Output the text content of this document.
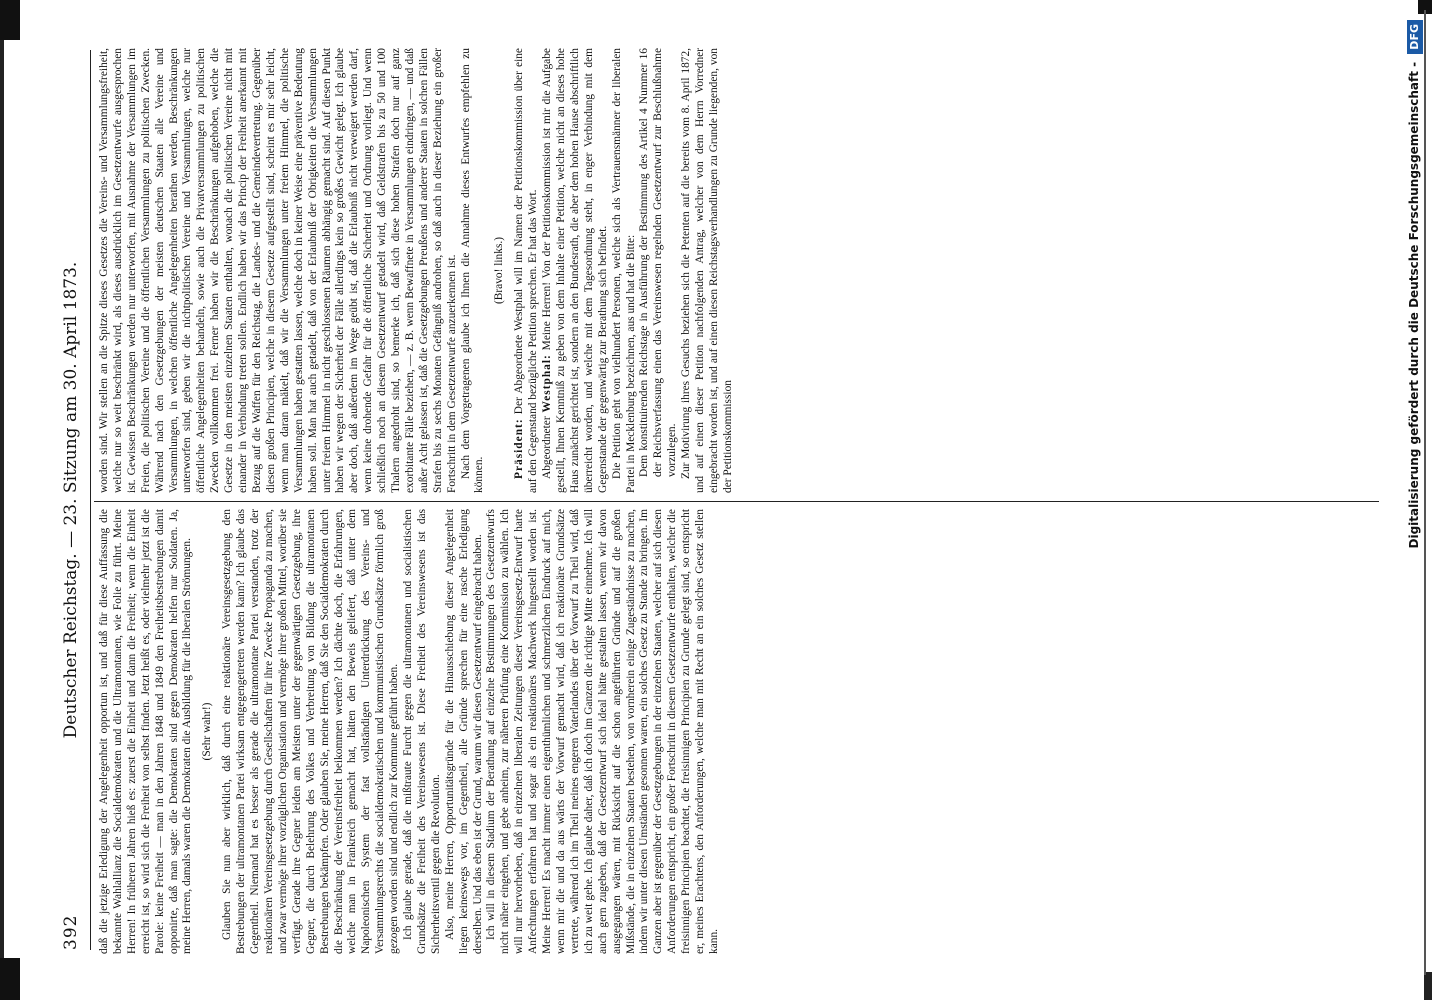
392
Deutscher Reichstag. — 23. Sitzung am 30. April 1873.	daß die jetzige Erledigung der Angelegenheit opportun ist, und daß für diese Auffassung die bekannte Wahlallianz die Socialdemokraten und die Ultramontanen, wie Folie zu führt. Meine Herren! In früheren Jahren hieß es: zuerst die Einheit und dann die Freiheit; wenn die Einheit erreicht ist, so wird sich die Freiheit von selbst finden. Jetzt heißt es, oder vielmehr jetzt ist die Parole: keine Freiheit — man in den Jahren 1848 und 1849 den Freiheitsbestrebungen damit opponirte, daß man sagte: die Demokraten sind gegen Demokraten helfen nur Soldaten. Ja, meine Herren, damals waren die Demokraten die Ausbildung für die liberalen Strömungen. (Sehr wahr!) Glauben Sie nun aber wirklich, daß durch eine reaktionäre Vereinsgesetzgebung den Bestrebungen der ultramontanen Partei wirksam entgegengetreten werden kann? Ich glaube das Gegentheil. Niemand hat es besser als gerade die ultramontane Partei verstanden, trotz der reaktionären Vereinsgesetzgebung durch Gesellschaften für ihre Zwecke Propaganda zu machen, und zwar vermöge ihrer vorzüglichen Organisation und vermöge ihrer großen Mittel, worüber sie verfügt. Gerade ihre Gegner leiden am Meisten unter der gegenwärtigen Gesetzgebung, ihre Gegner, die durch Belehrung des Volkes und Verbreitung von Bildung die ultramontanen Bestrebungen bekämpfen. Oder glauben Sie, meine Herren, daß Sie den Socialdemokraten durch die Beschränkung der Vereinsfreiheit beikommen werden? Ich dächte doch, die Erfahrungen, welche man in Frankreich gemacht hat, hätten den Beweis geliefert, daß unter dem Napoleonischen System der fast vollständigen Unterdrückung des Vereins- und Versammlungsrechts die socialdemokratischen und kommunistischen Grundsätze förmlich groß gezogen worden sind und endlich zur Kommune geführt haben. Ich glaube gerade, daß die mißtraute Furcht gegen die ultramontanen und socialistischen Grundsätze die Freiheit des Vereinswesens ist. Diese Freiheit des Vereinswesens ist das Sicherheitsventil gegen die Revolution. Also, meine Herren, Opportunitätsgründe für die Hinausschiebung dieser Angelegenheit liegen keineswegs vor, im Gegentheil, alle Gründe sprechen für eine rasche Erledigung derselben. Und das eben ist der Grund, warum wir diesen Gesetzentwurf eingebracht haben. Ich will in diesem Stadium der Berathung auf einzelne Bestimmungen des Gesetzentwurfs nicht näher eingehen, und gebe anheim, zur näheren Prüfung eine Kommission zu wählen. Ich will nur hervorheben, daß in einzelnen liberalen Zeitungen dieser Vereinsgesetz-Entwurf harte Anfechtungen erfahren hat und sogar als ein reaktionäres Machwerk hingestellt worden ist. Meine Herren! Es macht immer einen eigenthümlichen und schmerzlichen Eindruck auf mich, wenn mir die und da aus wärts der Vorwurf gemacht wird, daß ich reaktionäre Grundsätze vertrete, während ich im Theil meines engeren Vaterlandes über der Vorwurf zu Theil wird, daß ich zu weit gehe. Ich glaube daher, daß ich doch im Ganzen die richtige Mitte einnehme. Ich will auch gern zugeben, daß der Gesetzentwurf sich ideal hätte gestalten lassen, wenn wir davon ausgegangen wären, mit Rücksicht auf die schon angeführten Gründe und auf die großen Mißstände, die in einzelnen Staaten bestehen, von vornherein einige Zugeständnisse zu machen, indem wir unter diesen Umständen gesonnen waren, ein solches Gesetz zu Stande zu bringen. Im Ganzen aber ist gegenüber der Gesetzgebungen in der einzelnen Staaten, welcher auf sich diesen Anforderungen entspricht, ein großer Fortschritt in diesem Gesetzentwurfe enthalten, welcher die freisinnigen Principien beachtet, die freisinnigen Principien zu Grunde gelegt sind, so entspricht er, meines Erachtens, den Anforderungen, welche man mit Recht an ein solches Gesetz stellen kann.

worden sind. Wir stellen an die Spitze dieses Gesetzes die Vereins- und Versammlungsfreiheit, welche nur so weit beschränkt wird, als dieses ausdrücklich im Gesetzentwurfe ausgesprochen ist. Gewissen Beschränkungen werden nur unterworfen, mit Ausnahme der Versammlungen im Freien, die politischen Vereine und die öffentlichen Versammlungen zu politischen Zwecken. Während nach den Gesetzgebungen der meisten deutschen Staaten alle Vereine und Versammlungen, in welchen öffentliche Angelegenheiten berathen werden, Beschränkungen unterworfen sind, geben wir die nichtpolitischen Vereine und Versammlungen, welche nur öffentliche Angelegenheiten behandeln, sowie auch die Privatversammlungen zu politischen Zwecken vollkommen frei. Ferner haben wir die Beschränkungen aufgehoben, welche die Gesetze in den meisten einzelnen Staaten enthalten, wonach die politischen Vereine nicht mit einander in Verbindung treten sollen. Endlich haben wir das Princip der Freiheit anerkannt mit Bezug auf die Waffen für den Reichstag, die Landes- und die Gemeindevertretung. Gegenüber diesen großen Principien, welche in diesem Gesetze aufgestellt sind, scheint es mir sehr leicht, wenn man daran mäkelt, daß wir die Versammlungen unter freiem Himmel, die politische Versammlungen haben gestatten lassen, welche doch in keiner Weise eine präventive Bedeutung haben soll. Man hat auch getadelt, daß von der Erlaubniß der Obrigkeiten die Versammlungen unter freiem Himmel in nicht geschlossenen Räumen abhängig gemacht sind. Auf diesen Punkt haben wir wegen der Sicherheit der Fälle allerdings kein so großes Gewicht gelegt. Ich glaube aber doch, daß außerdem im Wege geübt ist, daß die Erlaubniß nicht verweigert werden darf, wenn keine drohende Gefahr für die öffentliche Sicherheit und Ordnung vorliegt. Und wenn schließlich noch an diesem Gesetzentwurf getadelt wird, daß Geldstrafen bis zu 50 und 100 Thalern angedroht sind, so bemerke ich, daß sich diese hohen Strafen doch nur auf ganz exorbitante Fälle beziehen, — z. B. wenn Bewaffnete in Versammlungen eindringen, — und daß außer Acht gelassen ist, daß die Gesetzgebungen Preußens und anderer Staaten in solchen Fällen Strafen bis zu sechs Monaten Gefängniß androhen, so daß auch in dieser Beziehung ein großer Fortschritt in dem Gesetzentwurfe anzuerkennen ist. Nach dem Vorgetragenen glaube ich Ihnen die Annahme dieses Entwurfes empfehlen zu können.

(Bravo! links.)

Präsident: Der Abgeordnete Westphal will im Namen der Petitionskommission über eine auf den Gegenstand bezügliche Petition sprechen. Er hat das Wort. Abgeordneter Westphal: Meine Herren! Von der Petitionskommission ist mir die Aufgabe gestellt, Ihnen Kenntniß zu geben von dem Inhalte einer Petition, welche nicht an dieses hohe Haus zunächst gerichtet ist, sondern an den Bundesrath, die aber dem hohen Hause abschriftlich überreicht worden, und welche mit dem Tagesordnung steht, in enger Verbindung mit dem Gegenstande der gegenwärtig zur Berathung sich befindet. Die Petition geht von vielhundert Personen, welche sich als Vertrauensmänner der liberalen Partei in Mecklenburg bezeichnen, aus und hat die Bitte: Dem konstituirenden Reichstage in Ausführung der Bestimmung des Artikel 4 Nummer 16 der Reichsverfassung einen das Vereinswesen regelnden Gesetzentwurf zur Beschlußnahme vorzulegen. Zur Motivirung ihres Gesuchs beziehen sich die Petenten auf die bereits vom 8. April 1872, und auf einen dieser Petition nachfolgenden Antrag, welcher von dem Herrn Vorredner eingebracht worden ist, und auf einen diesen Reichstagsverhandlungen zu Grunde liegenden, von der Petitionskommission	Digitalisierung gefördert durch die Deutsche Forschungsgemeinschaft - DFG
